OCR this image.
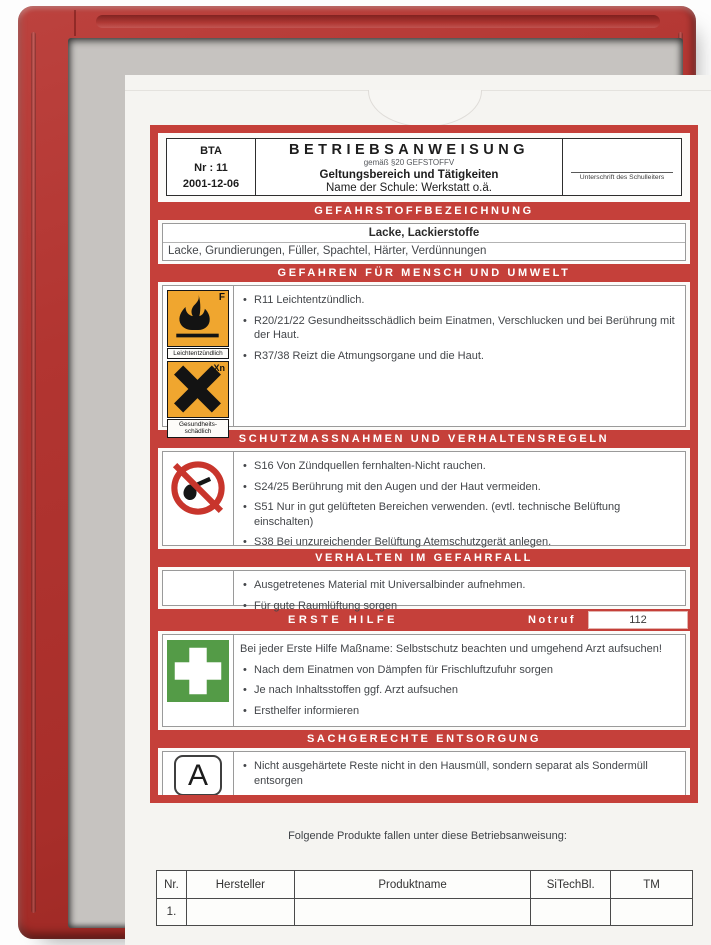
BTA
Nr : 11
2001-12-06
BETRIEBSANWEISUNG
gemäß §20 GEFSTOFFV
Geltungsbereich und Tätigkeiten
Name der Schule: Werkstatt o.ä.
Unterschrift des Schulleiters
GEFAHRSTOFFBEZEICHNUNG
Lacke, Lackierstoffe
Lacke, Grundierungen, Füller, Spachtel, Härter, Verdünnungen
GEFAHREN FÜR MENSCH UND UMWELT
F
Leichtentzündlich
Xn
Gesundheits- schädlich
• R11 Leichtentzündlich.
• R20/21/22 Gesundheitsschädlich beim Einatmen, Verschlucken und bei Berührung mit der Haut.
• R37/38 Reizt die Atmungsorgane und die Haut.
SCHUTZMASSNAHMEN UND VERHALTENSREGELN
• S16 Von Zündquellen fernhalten-Nicht rauchen.
• S24/25 Berührung mit den Augen und der Haut vermeiden.
• S51 Nur in gut gelüfteten Bereichen verwenden. (evtl. technische Belüftung einschalten)
• S38 Bei unzureichender Belüftung Atemschutzgerät anlegen.
VERHALTEN IM GEFAHRFALL
• Ausgetretenes Material mit Universalbinder aufnehmen.
• Für gute Raumlüftung sorgen
ERSTE HILFE	Notruf	112
Bei jeder Erste Hilfe Maßname: Selbstschutz beachten und umgehend Arzt aufsuchen!
• Nach dem Einatmen von Dämpfen für Frischluftzufuhr sorgen
• Je nach Inhaltsstoffen ggf. Arzt aufsuchen
• Ersthelfer informieren
SACHGERECHTE ENTSORGUNG
A	• Nicht ausgehärtete Reste nicht in den Hausmüll, sondern separat als Sondermüll entsorgen
Folgende Produkte fallen unter diese Betriebsanweisung:
Nr.	Hersteller	Produktname	SiTechBl.	TM
1.				
